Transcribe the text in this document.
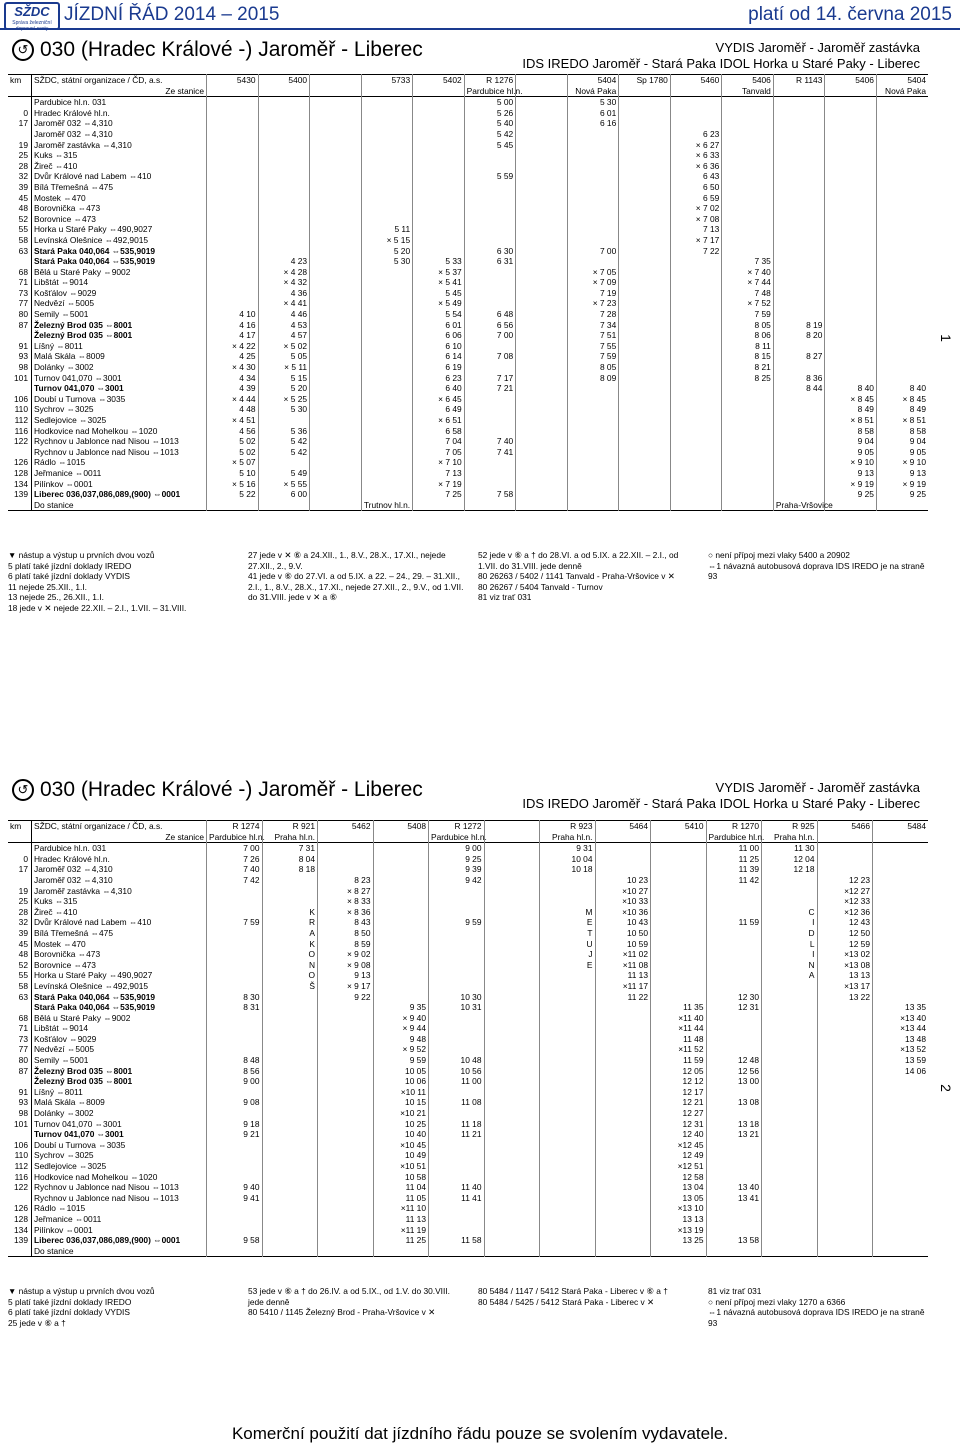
SŽDC
Správa železniční JÍZDNÍ ŘÁD 2014 – 2015	platí od 14. června 2015
↺ 030 (Hradec Králové -) Jaroměř - Liberec	VYDIS Jaroměř - Jaroměř zastávka
IDS IREDO Jaroměř - Stará Paka IDOL Horka u Staré Paky - Liberec
km	SŽDC, státní organizace / ČD, a.s.	5430	5400		5733	5402	R 1276		5404	Sp 1780	5460	5406	R 1143	5406	5404
	Ze stanice						Pardubice hl.n.		Nová Paka			Tanvald			Nová Paka
	Pardubice hl.n. 031						5 00		5 30						
0	Hradec Králové hl.n.						5 26		6 01						
17	Jaroměř 032 ⇔4,310						5 40		6 16						
	Jaroměř 032 ⇔4,310						5 42				6 23				
19	Jaroměř zastávka ⇔4,310						5 45				× 6 27				
25	Kuks ⇔315										× 6 33				
28	Žireč ⇔410										× 6 36				
32	Dvůr Králové nad Labem ⇔410						5 59				6 43				
39	Bílá Třemešná ⇔475										6 50				
45	Mostek ⇔470										6 59				
48	Borovnička ⇔473										× 7 02				
52	Borovnice ⇔473										× 7 08				
55	Horka u Staré Paky ⇔490,9027				5 11						7 13				
58	Levínská Olešnice ⇔492,9015				× 5 15						× 7 17				
63	Stará Paka 040,064 ⇔535,9019				5 20		6 30		7 00		7 22				
	Stará Paka 040,064 ⇔535,9019		4 23		5 30	5 33	6 31					7 35			
68	Bělá u Staré Paky ⇔9002		× 4 28			× 5 37			× 7 05			× 7 40			
71	Libštát ⇔9014		× 4 32			× 5 41			× 7 09			× 7 44			
73	Košťálov ⇔9029		4 36			5 45			7 19			7 48			
77	Nedvězí ⇔5005		× 4 41			× 5 49			× 7 23			× 7 52			
80	Semily ⇔5001	4 10	4 46			5 54	6 48		7 28			7 59			
87	Železný Brod 035 ⇔8001	4 16	4 53			6 01	6 56		7 34			8 05	8 19		
	Železný Brod 035 ⇔8001	4 17	4 57			6 06	7 00		7 51			8 06	8 20		
91	Líšný ⇔8011	× 4 22	× 5 02			6 10			7 55			8 11			
93	Malá Skála ⇔8009	4 25	5 05			6 14	7 08		7 59			8 15	8 27		
98	Dolánky ⇔3002	× 4 30	× 5 11			6 19			8 05			8 21			
101	Turnov 041,070 ⇔3001	4 34	5 15			6 23	7 17		8 09			8 25	8 36		
	Turnov 041,070 ⇔3001	4 39	5 20			6 40	7 21						8 44	8 40	8 40
106	Doubí u Turnova ⇔3035	× 4 44	× 5 25			× 6 45								× 8 45	× 8 45
110	Sychrov ⇔3025	4 48	5 30			6 49								8 49	8 49
112	Sedlejovice ⇔3025	× 4 51				× 6 51								× 8 51	× 8 51
116	Hodkovice nad Mohelkou ⇔1020	4 56	5 36			6 58								8 58	8 58
122	Rychnov u Jablonce nad Nisou ⇔1013	5 02	5 42			7 04	7 40							9 04	9 04
	Rychnov u Jablonce nad Nisou ⇔1013	5 02	5 42			7 05	7 41							9 05	9 05
126	Rádlo ⇔1015	× 5 07				× 7 10								× 9 10	× 9 10
128	Jeřmanice ⇔0011	5 10	5 49			7 13								9 13	9 13
134	Pilínkov ⇔0001	× 5 16	× 5 55			× 7 19								× 9 19	× 9 19
139	Liberec 036,037,086,089,(900) ⇔0001	5 22	6 00			7 25	7 58							9 25	9 25
	Do stanice				Trutnov hl.n.								Praha-Vršovice		
▼ nástup a výstup u prvních dvou vozů
5 platí také jízdní doklady IREDO
6 platí také jízdní doklady VYDIS
11 nejede 25.XII., 1.I.
13 nejede 25., 26.XII., 1.I.
18 jede v ✕ nejede 22.XII. – 2.I., 1.VII. – 31.VIII.
27 jede v ✕ ⑥ a 24.XII., 1., 8.V., 28.X., 17.XI., nejede 27.XII., 2., 9.V.
41 jede v ⑥ do 27.VI. a od 5.IX. a 22. – 24., 29. – 31.XII., 2.I., 1., 8.V., 28.X., 17.XI., nejede 27.XII., 2., 9.V., od 1.VII. do 31.VIII. jede v ✕ a ⑥
52 jede v ⑥ a † do 28.VI. a od 5.IX. a 22.XII. – 2.I., od 1.VII. do 31.VIII. jede denně
80 26263 / 5402 / 1141 Tanvald - Praha-Vršovice v ✕
80 26267 / 5404 Tanvald - Turnov
81 viz trať 031
○ není přípoj mezi vlaky 5400 a 20902
⇔1 návazná autobusová doprava IDS IREDO je na straně 93
1
↺ 030 (Hradec Králové -) Jaroměř - Liberec	VYDIS Jaroměř - Jaroměř zastávka
IDS IREDO Jaroměř - Stará Paka IDOL Horka u Staré Paky - Liberec
km	SŽDC, státní organizace / ČD, a.s.	R 1274	R 921	5462	5408	R 1272		R 923	5464	5410	R 1270	R 925	5466	5484
	Ze stanice	Pardubice hl.n.	Praha hl.n.			Pardubice hl.n.		Praha hl.n.			Pardubice hl.n.	Praha hl.n.		
	Pardubice hl.n. 031	7 00	7 31			9 00		9 31			11 00	11 30		
0	Hradec Králové hl.n.	7 26	8 04			9 25		10 04			11 25	12 04		
17	Jaroměř 032 ⇔4,310	7 40	8 18			9 39		10 18			11 39	12 18		
	Jaroměř 032 ⇔4,310	7 42		8 23		9 42			10 23		11 42		12 23	
19	Jaroměř zastávka ⇔4,310			× 8 27					×10 27				×12 27	
25	Kuks ⇔315			× 8 33					×10 33				×12 33	
28	Žireč ⇔410		K	× 8 36				M	×10 36			C	×12 36	
32	Dvůr Králové nad Labem ⇔410	7 59	R	8 43		9 59		E	10 43		11 59	I	12 43	
39	Bílá Třemešná ⇔475		A	8 50				T	10 50			D	12 50	
45	Mostek ⇔470		K	8 59				U	10 59			L	12 59	
48	Borovnička ⇔473		O	× 9 02				J	×11 02			I	×13 02	
52	Borovnice ⇔473		N	× 9 08				E	×11 08			N	×13 08	
55	Horka u Staré Paky ⇔490,9027		O	9 13					11 13			A	13 13	
58	Levínská Olešnice ⇔492,9015		Š	× 9 17					×11 17				×13 17	
63	Stará Paka 040,064 ⇔535,9019	8 30		9 22		10 30			11 22		12 30		13 22	
	Stará Paka 040,064 ⇔535,9019	8 31			9 35	10 31				11 35	12 31			13 35
68	Bělá u Staré Paky ⇔9002				× 9 40					×11 40				×13 40
71	Libštát ⇔9014				× 9 44					×11 44				×13 44
73	Košťálov ⇔9029				9 48					11 48				13 48
77	Nedvězí ⇔5005				× 9 52					×11 52				×13 52
80	Semily ⇔5001	8 48			9 59	10 48				11 59	12 48			13 59
87	Železný Brod 035 ⇔8001	8 56			10 05	10 56				12 05	12 56			14 06
	Železný Brod 035 ⇔8001	9 00			10 06	11 00				12 12	13 00			
91	Líšný ⇔8011				×10 11					12 17				
93	Malá Skála ⇔8009	9 08			10 15	11 08				12 21	13 08			
98	Dolánky ⇔3002				×10 21					12 27				
101	Turnov 041,070 ⇔3001	9 18			10 25	11 18				12 31	13 18			
	Turnov 041,070 ⇔3001	9 21			10 40	11 21				12 40	13 21			
106	Doubí u Turnova ⇔3035				×10 45					×12 45				
110	Sychrov ⇔3025				10 49					12 49				
112	Sedlejovice ⇔3025				×10 51					×12 51				
116	Hodkovice nad Mohelkou ⇔1020				10 58					12 58				
122	Rychnov u Jablonce nad Nisou ⇔1013	9 40			11 04	11 40				13 04	13 40			
	Rychnov u Jablonce nad Nisou ⇔1013	9 41			11 05	11 41				13 05	13 41			
126	Rádlo ⇔1015				×11 10					×13 10				
128	Jeřmanice ⇔0011				11 13					13 13				
134	Pilínkov ⇔0001				×11 19					×13 19				
139	Liberec 036,037,086,089,(900) ⇔0001	9 58			11 25	11 58				13 25	13 58			
	Do stanice													
▼ nástup a výstup u prvních dvou vozů
5 platí také jízdní doklady IREDO
6 platí také jízdní doklady VYDIS
25 jede v ⑥ a †
53 jede v ⑥ a † do 26.IV. a od 5.IX., od 1.V. do 30.VIII. jede denně
80 5410 / 1145 Železný Brod - Praha-Vršovice v ✕
80 5484 / 1147 / 5412 Stará Paka - Liberec v ⑥ a †
80 5484 / 5425 / 5412 Stará Paka - Liberec v ✕
81 viz trať 031
○ není přípoj mezi vlaky 1270 a 6366
⇔1 návazná autobusová doprava IDS IREDO je na straně 93
2
Komerční použití dat jízdního řádu pouze se svolením vydavatele.
